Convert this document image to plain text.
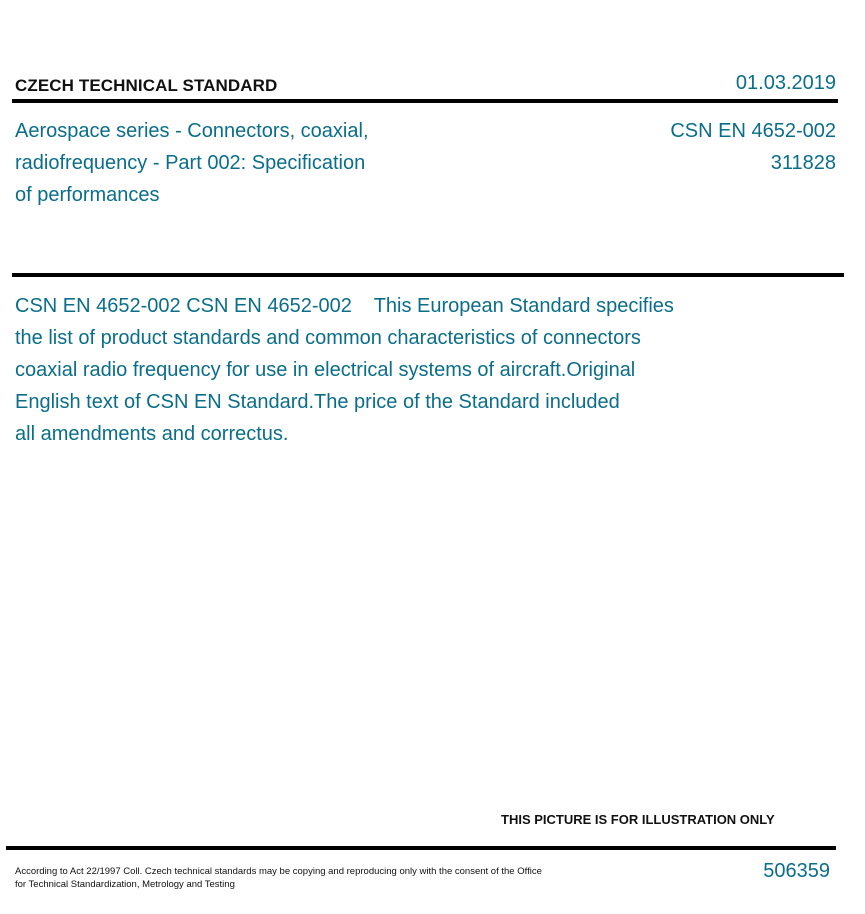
CZECH TECHNICAL STANDARD	01.03.2019
Aerospace series - Connectors, coaxial,
radiofrequency - Part 002: Specification
of performances
CSN EN 4652-002
311828
CSN EN 4652-002 CSN EN 4652-002    This European Standard specifies
the list of product standards and common characteristics of connectors
coaxial radio frequency for use in electrical systems of aircraft.Original
English text of CSN EN Standard.The price of the Standard included
all amendments and correctus.
THIS PICTURE IS FOR ILLUSTRATION ONLY
According to Act 22/1997 Coll. Czech technical standards may be copying and reproducing only with the consent of the Office
for Technical Standardization, Metrology and Testing
506359
